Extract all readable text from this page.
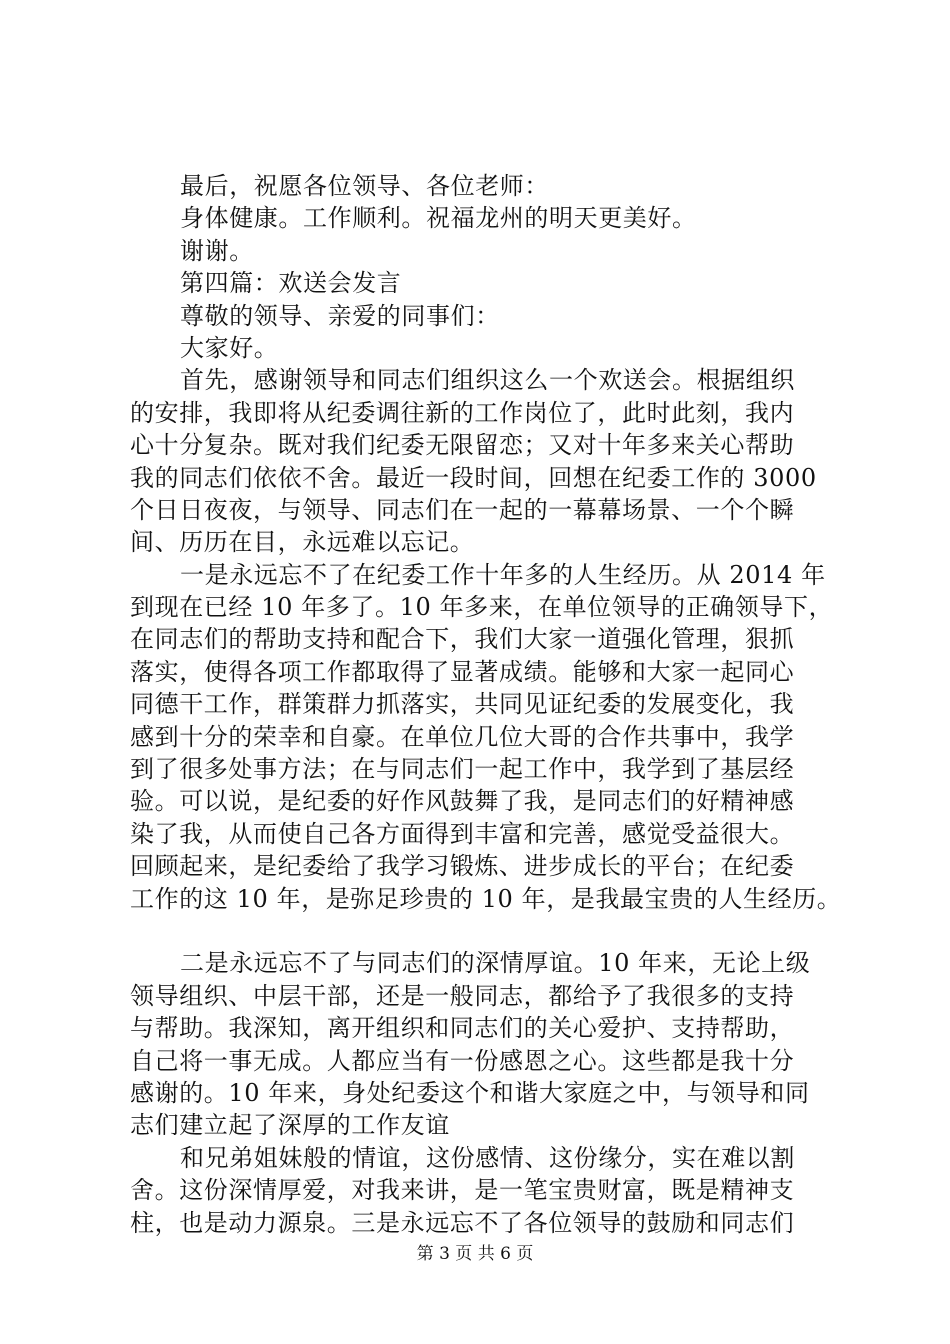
最后，祝愿各位领导、各位老师：
身体健康。工作顺利。祝福龙州的明天更美好。
谢谢。
第四篇：欢送会发言
尊敬的领导、亲爱的同事们：
大家好。
首先，感谢领导和同志们组织这么一个欢送会。根据组织
的安排，我即将从纪委调往新的工作岗位了，此时此刻，我内
心十分复杂。既对我们纪委无限留恋；又对十年多来关心帮助
我的同志们依依不舍。最近一段时间，回想在纪委工作的 3000
个日日夜夜，与领导、同志们在一起的一幕幕场景、一个个瞬
间、历历在目，永远难以忘记。
一是永远忘不了在纪委工作十年多的人生经历。从 2014 年
到现在已经 10 年多了。10 年多来，在单位领导的正确领导下，
在同志们的帮助支持和配合下，我们大家一道强化管理，狠抓
落实，使得各项工作都取得了显著成绩。能够和大家一起同心
同德干工作，群策群力抓落实，共同见证纪委的发展变化，我
感到十分的荣幸和自豪。在单位几位大哥的合作共事中，我学
到了很多处事方法；在与同志们一起工作中，我学到了基层经
验。可以说，是纪委的好作风鼓舞了我，是同志们的好精神感
染了我，从而使自己各方面得到丰富和完善，感觉受益很大。
回顾起来，是纪委给了我学习锻炼、进步成长的平台；在纪委
工作的这 10 年，是弥足珍贵的 10 年，是我最宝贵的人生经历。
二是永远忘不了与同志们的深情厚谊。10 年来，无论上级
领导组织、中层干部，还是一般同志，都给予了我很多的支持
与帮助。我深知，离开组织和同志们的关心爱护、支持帮助，
自己将一事无成。人都应当有一份感恩之心。这些都是我十分
感谢的。10 年来，身处纪委这个和谐大家庭之中，与领导和同
志们建立起了深厚的工作友谊
和兄弟姐妹般的情谊，这份感情、这份缘分，实在难以割
舍。这份深情厚爱，对我来讲，是一笔宝贵财富，既是精神支
柱，也是动力源泉。三是永远忘不了各位领导的鼓励和同志们
第 3 页 共 6 页
